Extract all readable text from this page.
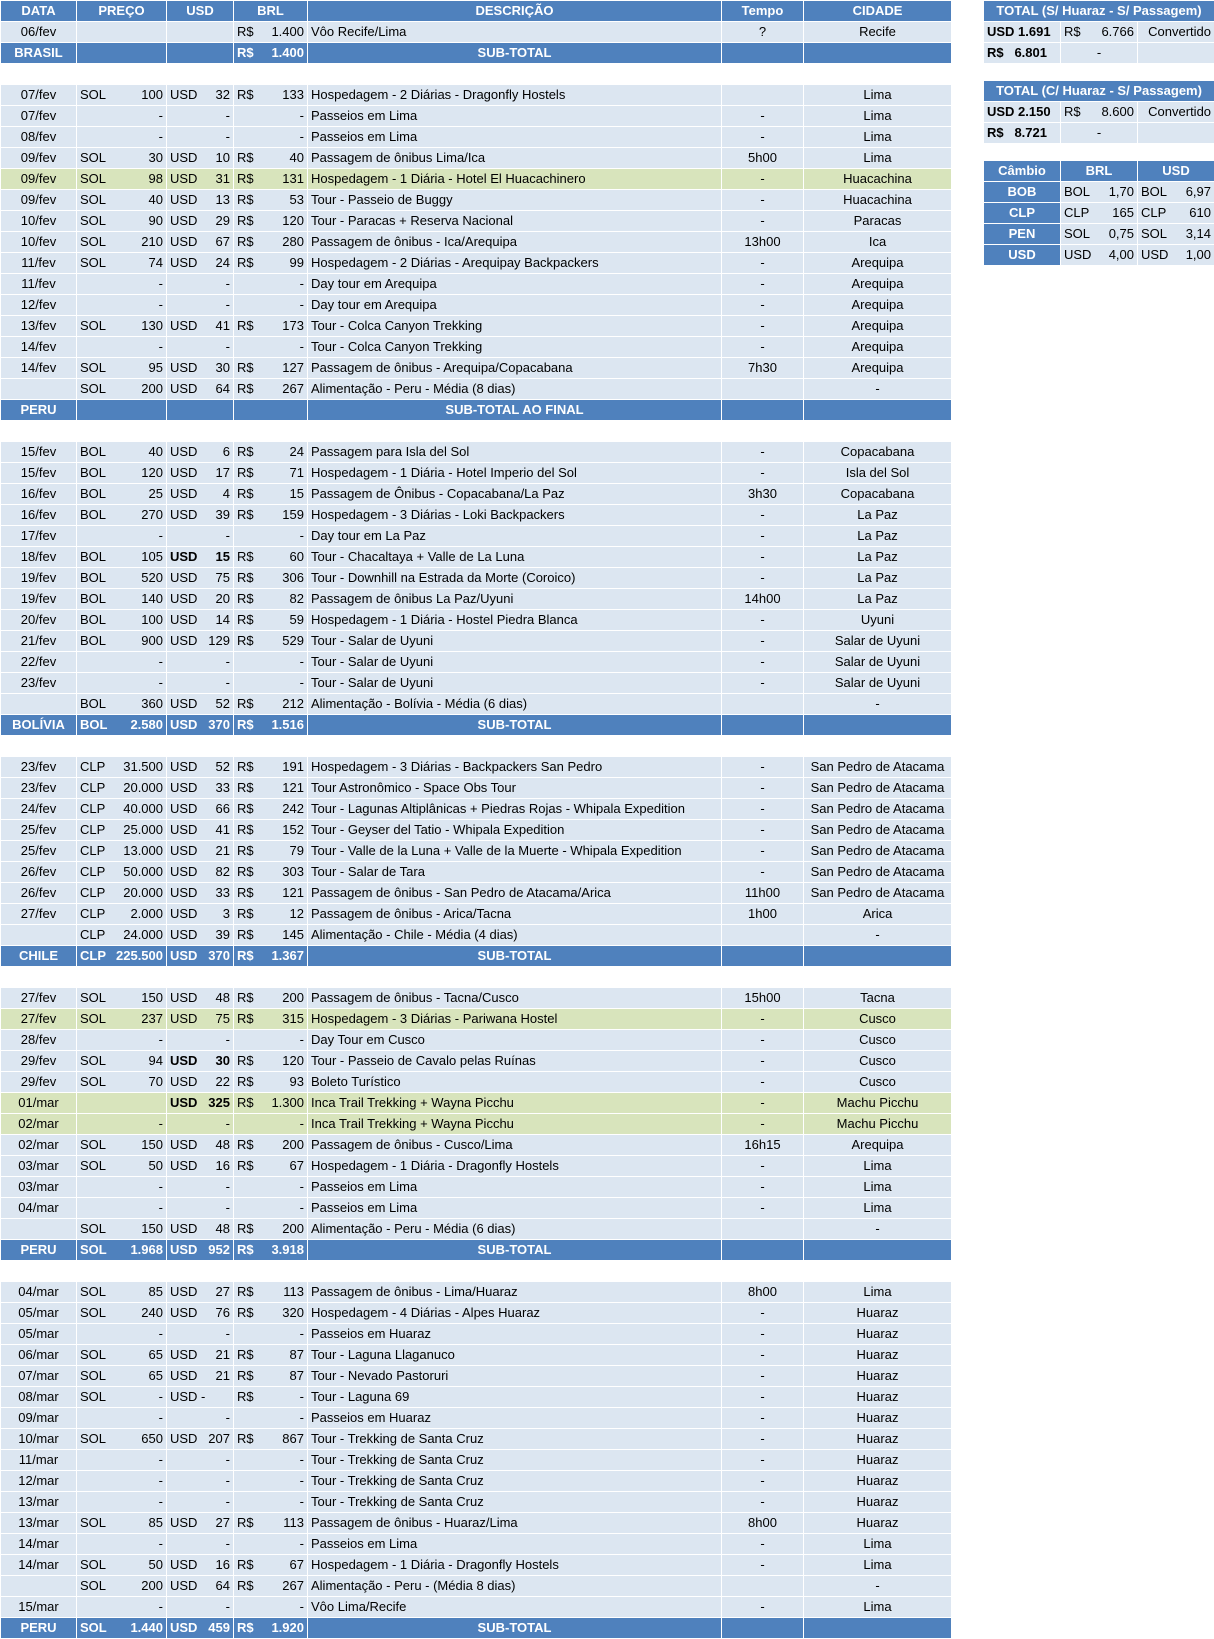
DATA	PREÇO	USD	BRL	DESCRIÇÃO	Tempo	CIDADE
06/fev			R$ 1.400	Vôo Recife/Lima	?	Recife
BRASIL			R$ 1.400	SUB-TOTAL		

07/fev	SOL 100	USD 32	R$ 133	Hospedagem - 2 Diárias - Dragonfly Hostels		Lima
07/fev	-	-	-	Passeios em Lima	-	Lima
08/fev	-	-	-	Passeios em Lima	-	Lima
09/fev	SOL 30	USD 10	R$ 40	Passagem de ônibus Lima/Ica	5h00	Lima
09/fev	SOL 98	USD 31	R$ 131	Hospedagem - 1 Diária - Hotel El Huacachinero	-	Huacachina
09/fev	SOL 40	USD 13	R$ 53	Tour - Passeio de Buggy	-	Huacachina
10/fev	SOL 90	USD 29	R$ 120	Tour - Paracas + Reserva Nacional	-	Paracas
10/fev	SOL 210	USD 67	R$ 280	Passagem de ônibus - Ica/Arequipa	13h00	Ica
11/fev	SOL 74	USD 24	R$ 99	Hospedagem - 2 Diárias - Arequipay Backpackers	-	Arequipa
11/fev	-	-	-	Day tour em Arequipa	-	Arequipa
12/fev	-	-	-	Day tour em Arequipa	-	Arequipa
13/fev	SOL 130	USD 41	R$ 173	Tour - Colca Canyon Trekking	-	Arequipa
14/fev	-	-	-	Tour - Colca Canyon Trekking	-	Arequipa
14/fev	SOL 95	USD 30	R$ 127	Passagem de ônibus - Arequipa/Copacabana	7h30	Arequipa

	SOL 200	USD 64	R$ 267	Alimentação - Peru - Média (8 dias)		-
PERU				SUB-TOTAL AO FINAL		

15/fev	BOL 40	USD 6	R$ 24	Passagem para Isla del Sol	-	Copacabana
15/fev	BOL 120	USD 17	R$ 71	Hospedagem - 1 Diária - Hotel Imperio del Sol	-	Isla del Sol
16/fev	BOL 25	USD 4	R$ 15	Passagem de Ônibus - Copacabana/La Paz	3h30	Copacabana
16/fev	BOL 270	USD 39	R$ 159	Hospedagem - 3 Diárias - Loki Backpackers	-	La Paz
17/fev	-	-	-	Day tour em La Paz	-	La Paz
18/fev	BOL 105	USD 15	R$ 60	Tour - Chacaltaya + Valle de La Luna	-	La Paz
19/fev	BOL 520	USD 75	R$ 306	Tour - Downhill na Estrada da Morte (Coroico)	-	La Paz
19/fev	BOL 140	USD 20	R$ 82	Passagem de ônibus La Paz/Uyuni	14h00	La Paz
20/fev	BOL 100	USD 14	R$ 59	Hospedagem - 1 Diária - Hostel Piedra Blanca	-	Uyuni
21/fev	BOL 900	USD 129	R$ 529	Tour - Salar de Uyuni	-	Salar de Uyuni
22/fev	-	-	-	Tour - Salar de Uyuni	-	Salar de Uyuni
23/fev	-	-	-	Tour - Salar de Uyuni	-	Salar de Uyuni

	BOL 360	USD 52	R$ 212	Alimentação - Bolívia - Média (6 dias)		-
BOLÍVIA	BOL 2.580	USD 370	R$ 1.516	SUB-TOTAL		

23/fev	CLP 31.500	USD 52	R$ 191	Hospedagem - 3 Diárias - Backpackers San Pedro	-	San Pedro de Atacama
23/fev	CLP 20.000	USD 33	R$ 121	Tour Astronômico - Space Obs Tour	-	San Pedro de Atacama
24/fev	CLP 40.000	USD 66	R$ 242	Tour - Lagunas Altiplânicas + Piedras Rojas - Whipala Expedition	-	San Pedro de Atacama
25/fev	CLP 25.000	USD 41	R$ 152	Tour - Geyser del Tatio - Whipala Expedition	-	San Pedro de Atacama
25/fev	CLP 13.000	USD 21	R$ 79	Tour - Valle de la Luna + Valle de la Muerte - Whipala Expedition	-	San Pedro de Atacama
26/fev	CLP 50.000	USD 82	R$ 303	Tour - Salar de Tara	-	San Pedro de Atacama
26/fev	CLP 20.000	USD 33	R$ 121	Passagem de ônibus - San Pedro de Atacama/Arica	11h00	San Pedro de Atacama
27/fev	CLP 2.000	USD 3	R$ 12	Passagem de ônibus - Arica/Tacna	1h00	Arica

	CLP 24.000	USD 39	R$ 145	Alimentação - Chile - Média (4 dias)		-
CHILE	CLP 225.500	USD 370	R$ 1.367	SUB-TOTAL		

27/fev	SOL 150	USD 48	R$ 200	Passagem de ônibus - Tacna/Cusco	15h00	Tacna
27/fev	SOL 237	USD 75	R$ 315	Hospedagem - 3 Diárias - Pariwana Hostel	-	Cusco
28/fev	-	-	-	Day Tour em Cusco	-	Cusco
29/fev	SOL 94	USD 30	R$ 120	Tour - Passeio de Cavalo pelas Ruínas	-	Cusco
29/fev	SOL 70	USD 22	R$ 93	Boleto Turístico	-	Cusco
01/mar		USD 325	R$ 1.300	Inca Trail Trekking + Wayna Picchu	-	Machu Picchu
02/mar	-	-	-	Inca Trail Trekking + Wayna Picchu	-	Machu Picchu
02/mar	SOL 150	USD 48	R$ 200	Passagem de ônibus - Cusco/Lima	16h15	Arequipa
03/mar	SOL 50	USD 16	R$ 67	Hospedagem - 1 Diária - Dragonfly Hostels	-	Lima
03/mar	-	-	-	Passeios em Lima	-	Lima
04/mar	-	-	-	Passeios em Lima	-	Lima

	SOL 150	USD 48	R$ 200	Alimentação - Peru - Média (6 dias)		-
PERU	SOL 1.968	USD 952	R$ 3.918	SUB-TOTAL		

04/mar	SOL 85	USD 27	R$ 113	Passagem de ônibus - Lima/Huaraz	8h00	Lima
05/mar	SOL 240	USD 76	R$ 320	Hospedagem - 4 Diárias - Alpes Huaraz	-	Huaraz
05/mar	-	-	-	Passeios em Huaraz	-	Huaraz
06/mar	SOL 65	USD 21	R$ 87	Tour - Laguna Llaganuco	-	Huaraz
07/mar	SOL 65	USD 21	R$ 87	Tour - Nevado Pastoruri	-	Huaraz
08/mar	SOL -	USD -	R$ -	Tour - Laguna 69	-	Huaraz
09/mar	-	-	-	Passeios em Huaraz	-	Huaraz
10/mar	SOL 650	USD 207	R$ 867	Tour - Trekking de Santa Cruz	-	Huaraz
11/mar	-	-	-	Tour - Trekking de Santa Cruz	-	Huaraz
12/mar	-	-	-	Tour - Trekking de Santa Cruz	-	Huaraz
13/mar	-	-	-	Tour - Trekking de Santa Cruz	-	Huaraz
13/mar	SOL 85	USD 27	R$ 113	Passagem de ônibus - Huaraz/Lima	8h00	Huaraz
14/mar	-	-	-	Passeios em Lima	-	Lima
14/mar	SOL 50	USD 16	R$ 67	Hospedagem - 1 Diária - Dragonfly Hostels	-	Lima

	SOL 200	USD 64	R$ 267	Alimentação - Peru - (Média 8 dias)		-
15/mar	-	-	-	Vôo Lima/Recife	-	Lima
PERU	SOL 1.440	USD 459	R$ 1.920	SUB-TOTAL		
TOTAL (S/ Huaraz - S/ Passagem)		
USD 1.691	R$ 6.766	Convertido
R$   6.801	-	
TOTAL (C/ Huaraz - S/ Passagem)		
USD 2.150	R$ 8.600	Convertido
R$   8.721	-	
Câmbio	BRL	USD
BOB	BOL 1,70	BOL 6,97

CLP	CLP 165	CLP 610

PEN	SOL 0,75	SOL 3,14

USD	USD 4,00	USD 1,00
